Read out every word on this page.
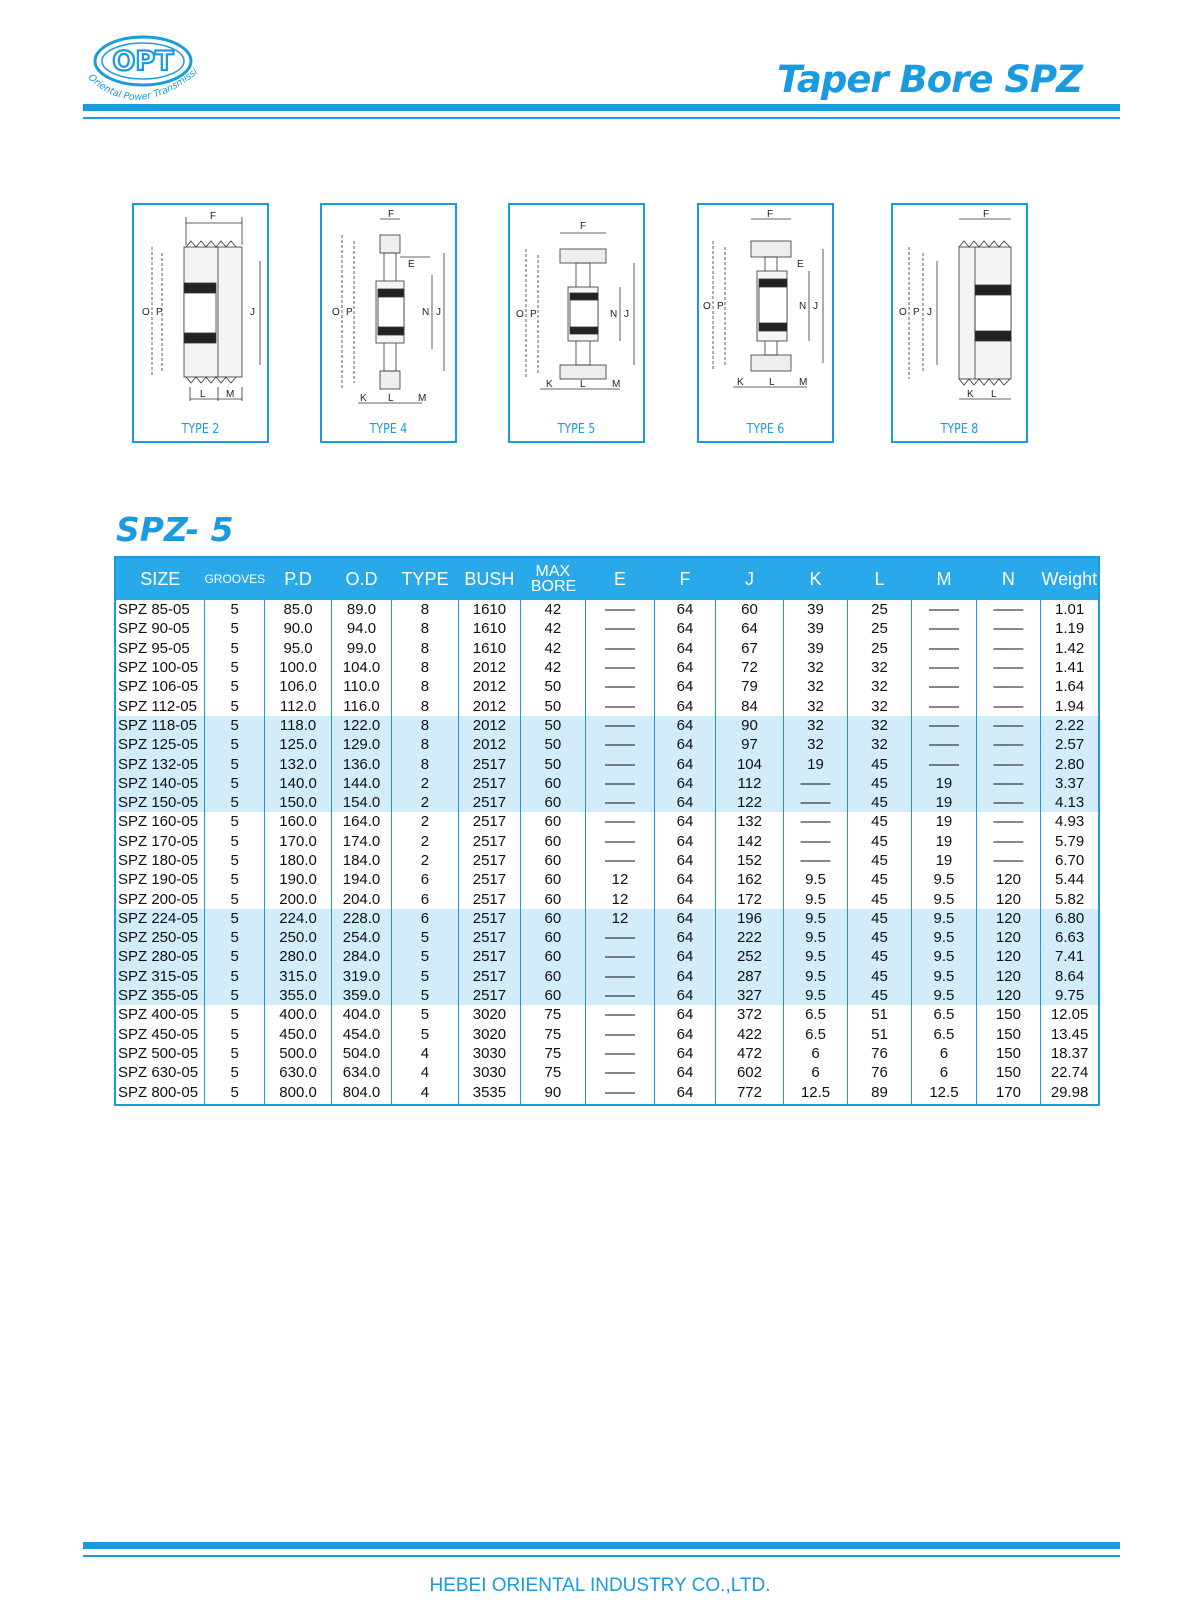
OPT
Oriental Power Transmissi	Taper Bore SPZ
F
O P	J
L M
TYPE 2
F
E
O P	N J
K L M
TYPE 4
F
O P	N J
K	L	M
TYPE 5
F
E
O P	N J
K	L M
TYPE 6
F
O P J
K L
TYPE 8
SPZ- 5
SIZE	GROOVES	P.D	O.D	TYPE	BUSH	MAX BORE	E	F	J	K	L	M	N	Weight
SPZ 85-05	5	85.0	89.0	8	1610	42	——	64	60	39	25	——	——	1.01
SPZ 90-05	5	90.0	94.0	8	1610	42	——	64	64	39	25	——	——	1.19
SPZ 95-05	5	95.0	99.0	8	1610	42	——	64	67	39	25	——	——	1.42
SPZ 100-05	5	100.0	104.0	8	2012	42	——	64	72	32	32	——	——	1.41
SPZ 106-05	5	106.0	110.0	8	2012	50	——	64	79	32	32	——	——	1.64
SPZ 112-05	5	112.0	116.0	8	2012	50	——	64	84	32	32	——	——	1.94
SPZ 118-05	5	118.0	122.0	8	2012	50	——	64	90	32	32	——	——	2.22
SPZ 125-05	5	125.0	129.0	8	2012	50	——	64	97	32	32	——	——	2.57
SPZ 132-05	5	132.0	136.0	8	2517	50	——	64	104	19	45	——	——	2.80
SPZ 140-05	5	140.0	144.0	2	2517	60	——	64	112	——	45	19	——	3.37
SPZ 150-05	5	150.0	154.0	2	2517	60	——	64	122	——	45	19	——	4.13
SPZ 160-05	5	160.0	164.0	2	2517	60	——	64	132	——	45	19	——	4.93
SPZ 170-05	5	170.0	174.0	2	2517	60	——	64	142	——	45	19	——	5.79
SPZ 180-05	5	180.0	184.0	2	2517	60	——	64	152	——	45	19	——	6.70
SPZ 190-05	5	190.0	194.0	6	2517	60	12	64	162	9.5	45	9.5	120	5.44
SPZ 200-05	5	200.0	204.0	6	2517	60	12	64	172	9.5	45	9.5	120	5.82
SPZ 224-05	5	224.0	228.0	6	2517	60	12	64	196	9.5	45	9.5	120	6.80
SPZ 250-05	5	250.0	254.0	5	2517	60	——	64	222	9.5	45	9.5	120	6.63
SPZ 280-05	5	280.0	284.0	5	2517	60	——	64	252	9.5	45	9.5	120	7.41
SPZ 315-05	5	315.0	319.0	5	2517	60	——	64	287	9.5	45	9.5	120	8.64
SPZ 355-05	5	355.0	359.0	5	2517	60	——	64	327	9.5	45	9.5	120	9.75
SPZ 400-05	5	400.0	404.0	5	3020	75	——	64	372	6.5	51	6.5	150	12.05
SPZ 450-05	5	450.0	454.0	5	3020	75	——	64	422	6.5	51	6.5	150	13.45
SPZ 500-05	5	500.0	504.0	4	3030	75	——	64	472	6	76	6	150	18.37
SPZ 630-05	5	630.0	634.0	4	3030	75	——	64	602	6	76	6	150	22.74
SPZ 800-05	5	800.0	804.0	4	3535	90	——	64	772	12.5	89	12.5	170	29.98
HEBEI ORIENTAL INDUSTRY CO.,LTD.
